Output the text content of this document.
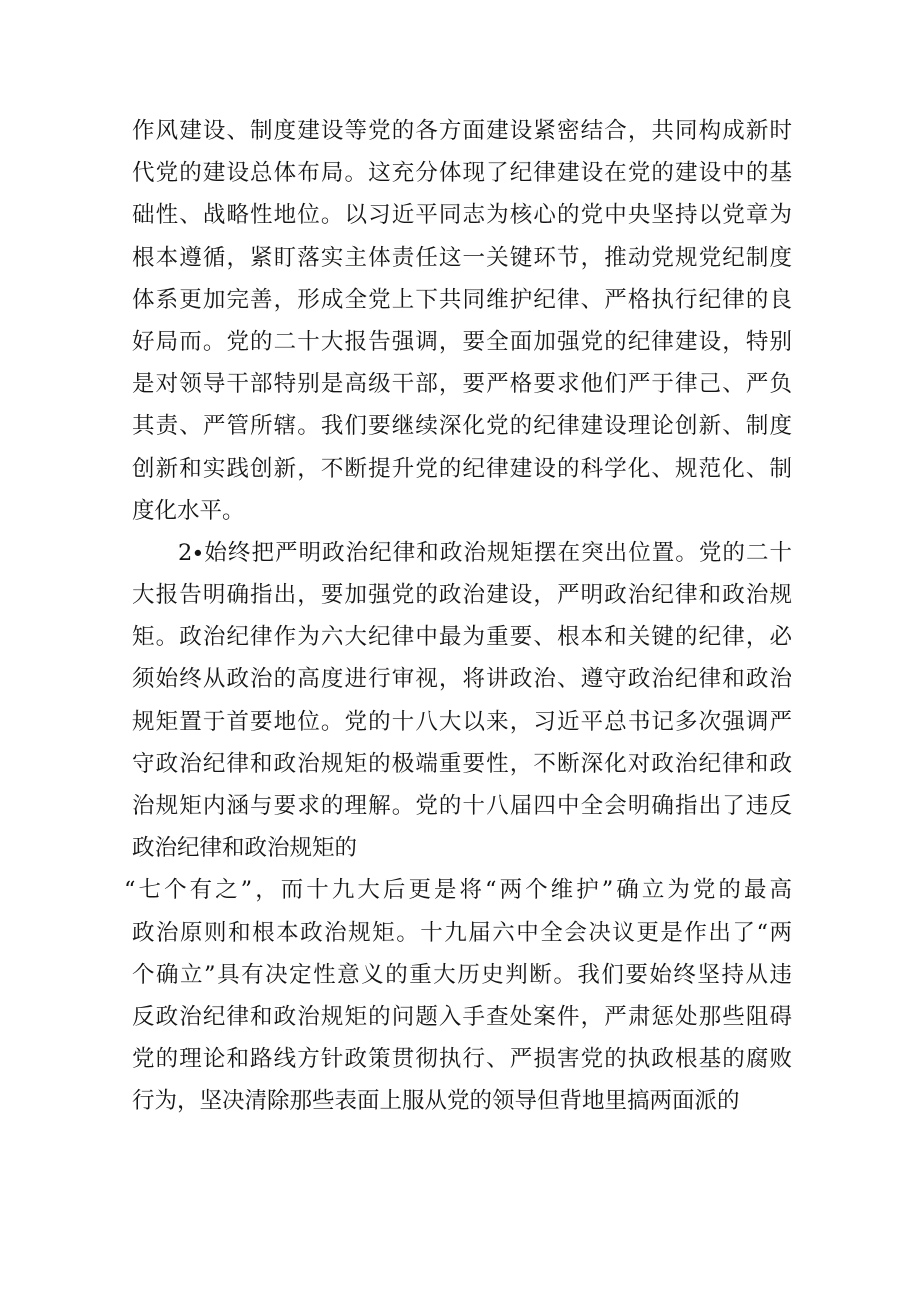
作风建设、制度建设等党的各方面建设紧密结合，共同构成新时
代党的建设总体布局。这充分体现了纪律建设在党的建设中的基
础性、战略性地位。以习近平同志为核心的党中央坚持以党章为
根本遵循，紧盯落实主体责任这一关键环节，推动党规党纪制度
体系更加完善，形成全党上下共同维护纪律、严格执行纪律的良
好局而。党的二十大报告强调，要全面加强党的纪律建设，特别
是对领导干部特别是高级干部，要严格要求他们严于律己、严负
其责、严管所辖。我们要继续深化党的纪律建设理论创新、制度
创新和实践创新，不断提升党的纪律建设的科学化、规范化、制
度化水平。
2∙始终把严明政治纪律和政治规矩摆在突出位置。党的二十
大报告明确指出，要加强党的政治建设，严明政治纪律和政治规
矩。政治纪律作为六大纪律中最为重要、根本和关键的纪律，必
须始终从政治的高度进行审视，将讲政治、遵守政治纪律和政治
规矩置于首要地位。党的十八大以来，习近平总书记多次强调严
守政治纪律和政治规矩的极端重要性，不断深化对政治纪律和政
治规矩内涵与要求的理解。党的十八届四中全会明确指出了违反
政治纪律和政治规矩的
“七个有之”，而十九大后更是将“两个维护”确立为党的最高
政治原则和根本政治规矩。十九届六中全会决议更是作出了“两
个确立”具有决定性意义的重大历史判断。我们要始终坚持从违
反政治纪律和政治规矩的问题入手查处案件，严肃惩处那些阻碍
党的理论和路线方针政策贯彻执行、严损害党的执政根基的腐败
行为，坚决清除那些表面上服从党的领导但背地里搞两面派的
